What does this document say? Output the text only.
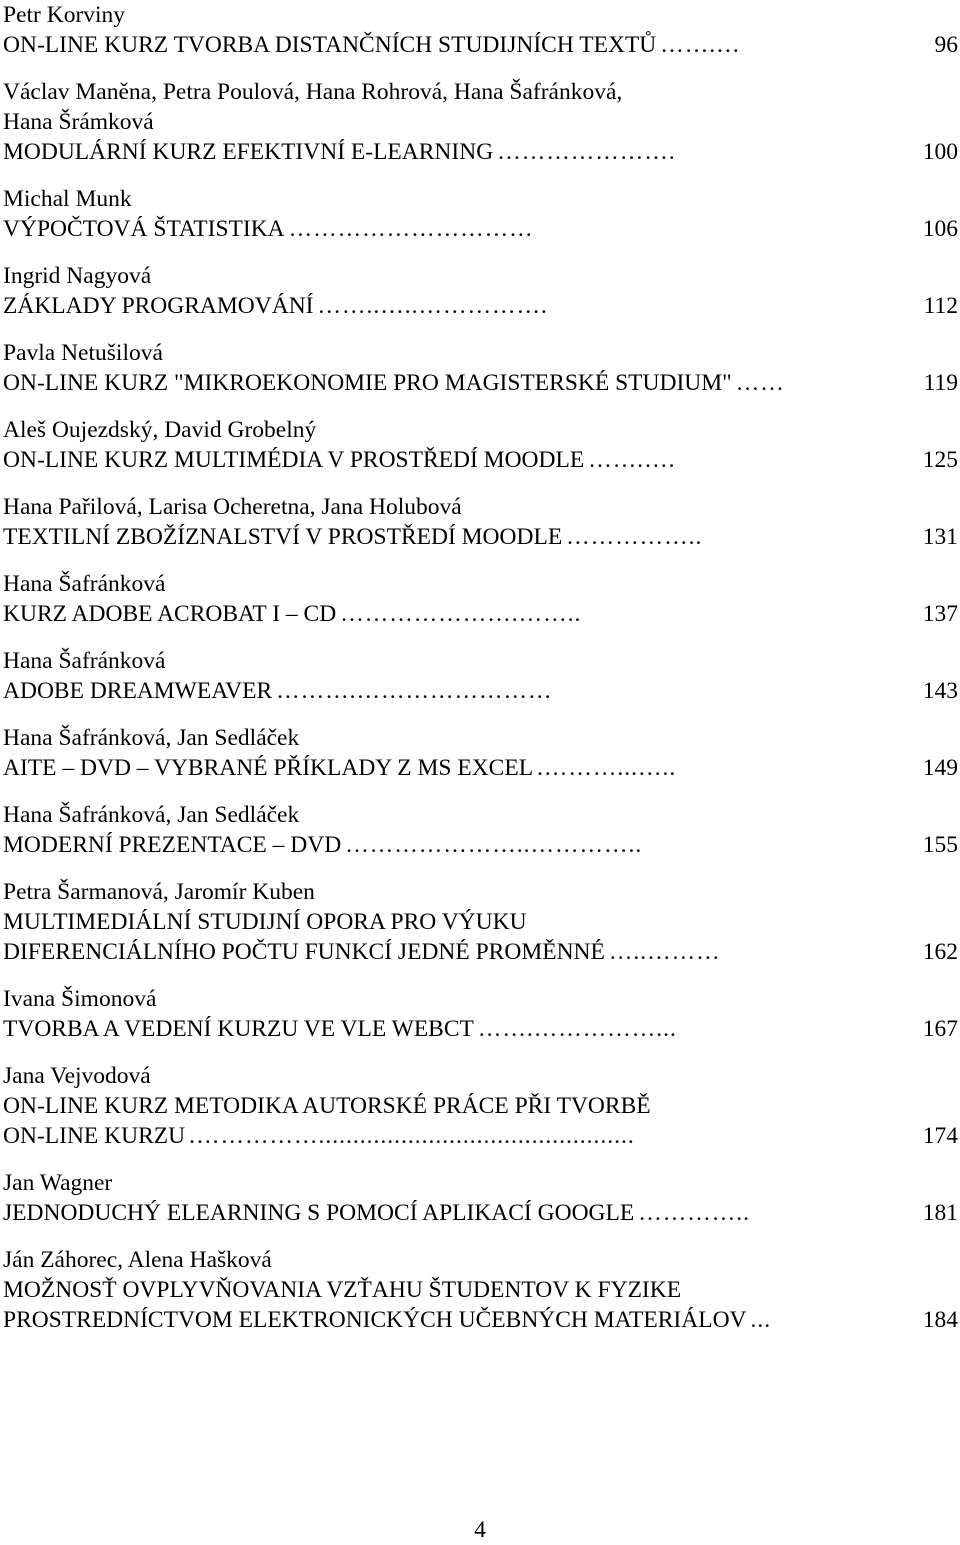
Petr Korviny
ON-LINE KURZ TVORBA DISTANČNÍCH STUDIJNÍCH TEXTŮ …….…	96
Václav Maněna, Petra Poulová, Hana Rohrová, Hana Šafránková,
Hana Šrámková
MODULÁRNÍ KURZ EFEKTIVNÍ E-LEARNING ………………….	100
Michal Munk
VÝPOČTOVÁ ŠTATISTIKA …………………………	106
Ingrid Nagyová
ZÁKLADY PROGRAMOVÁNÍ ……..…..…………….	112
Pavla Netušilová
ON-LINE KURZ "MIKROEKONOMIE PRO MAGISTERSKÉ STUDIUM" ……	119
Aleš Oujezdský, David Grobelný
ON-LINE KURZ MULTIMÉDIA V PROSTŘEDÍ MOODLE …….….	125
Hana Pařilová, Larisa Ocheretna, Jana Holubová
TEXTILNÍ ZBOŽÍZNALSTVÍ V PROSTŘEDÍ MOODLE ……………..	131
Hana Šafránková
KURZ ADOBE ACROBAT I – CD ………………….……..	137
Hana Šafránková
ADOBE DREAMWEAVER ……….……………………	143
Hana Šafránková, Jan Sedláček
AITE – DVD – VYBRANÉ PŘÍKLADY Z MS EXCEL .………...…..	149
Hana Šafránková, Jan Sedláček
MODERNÍ PREZENTACE – DVD …………………..…………..	155
Petra Šarmanová, Jaromír Kuben
MULTIMEDIÁLNÍ STUDIJNÍ OPORA PRO VÝUKU
DIFERENCIÁLNÍHO POČTU FUNKCÍ JEDNÉ PROMĚNNÉ …..………	162
Ivana Šimonová
TVORBA A VEDENÍ KURZU VE VLE WEBCT …….……………...	167
Jana Vejvodová
ON-LINE KURZ METODIKA AUTORSKÉ PRÁCE PŘI TVORBĚ
ON-LINE KURZU .……………..............................................	174
Jan Wagner
JEDNODUCHÝ ELEARNING S POMOCÍ APLIKACÍ GOOGLE …………..	181
Ján Záhorec, Alena Hašková
MOŽNOSŤ OVPLYVŇOVANIA VZŤAHU ŠTUDENTOV K FYZIKE
PROSTREDNÍCTVOM ELEKTRONICKÝCH UČEBNÝCH MATERIÁLOV ...	184
4
